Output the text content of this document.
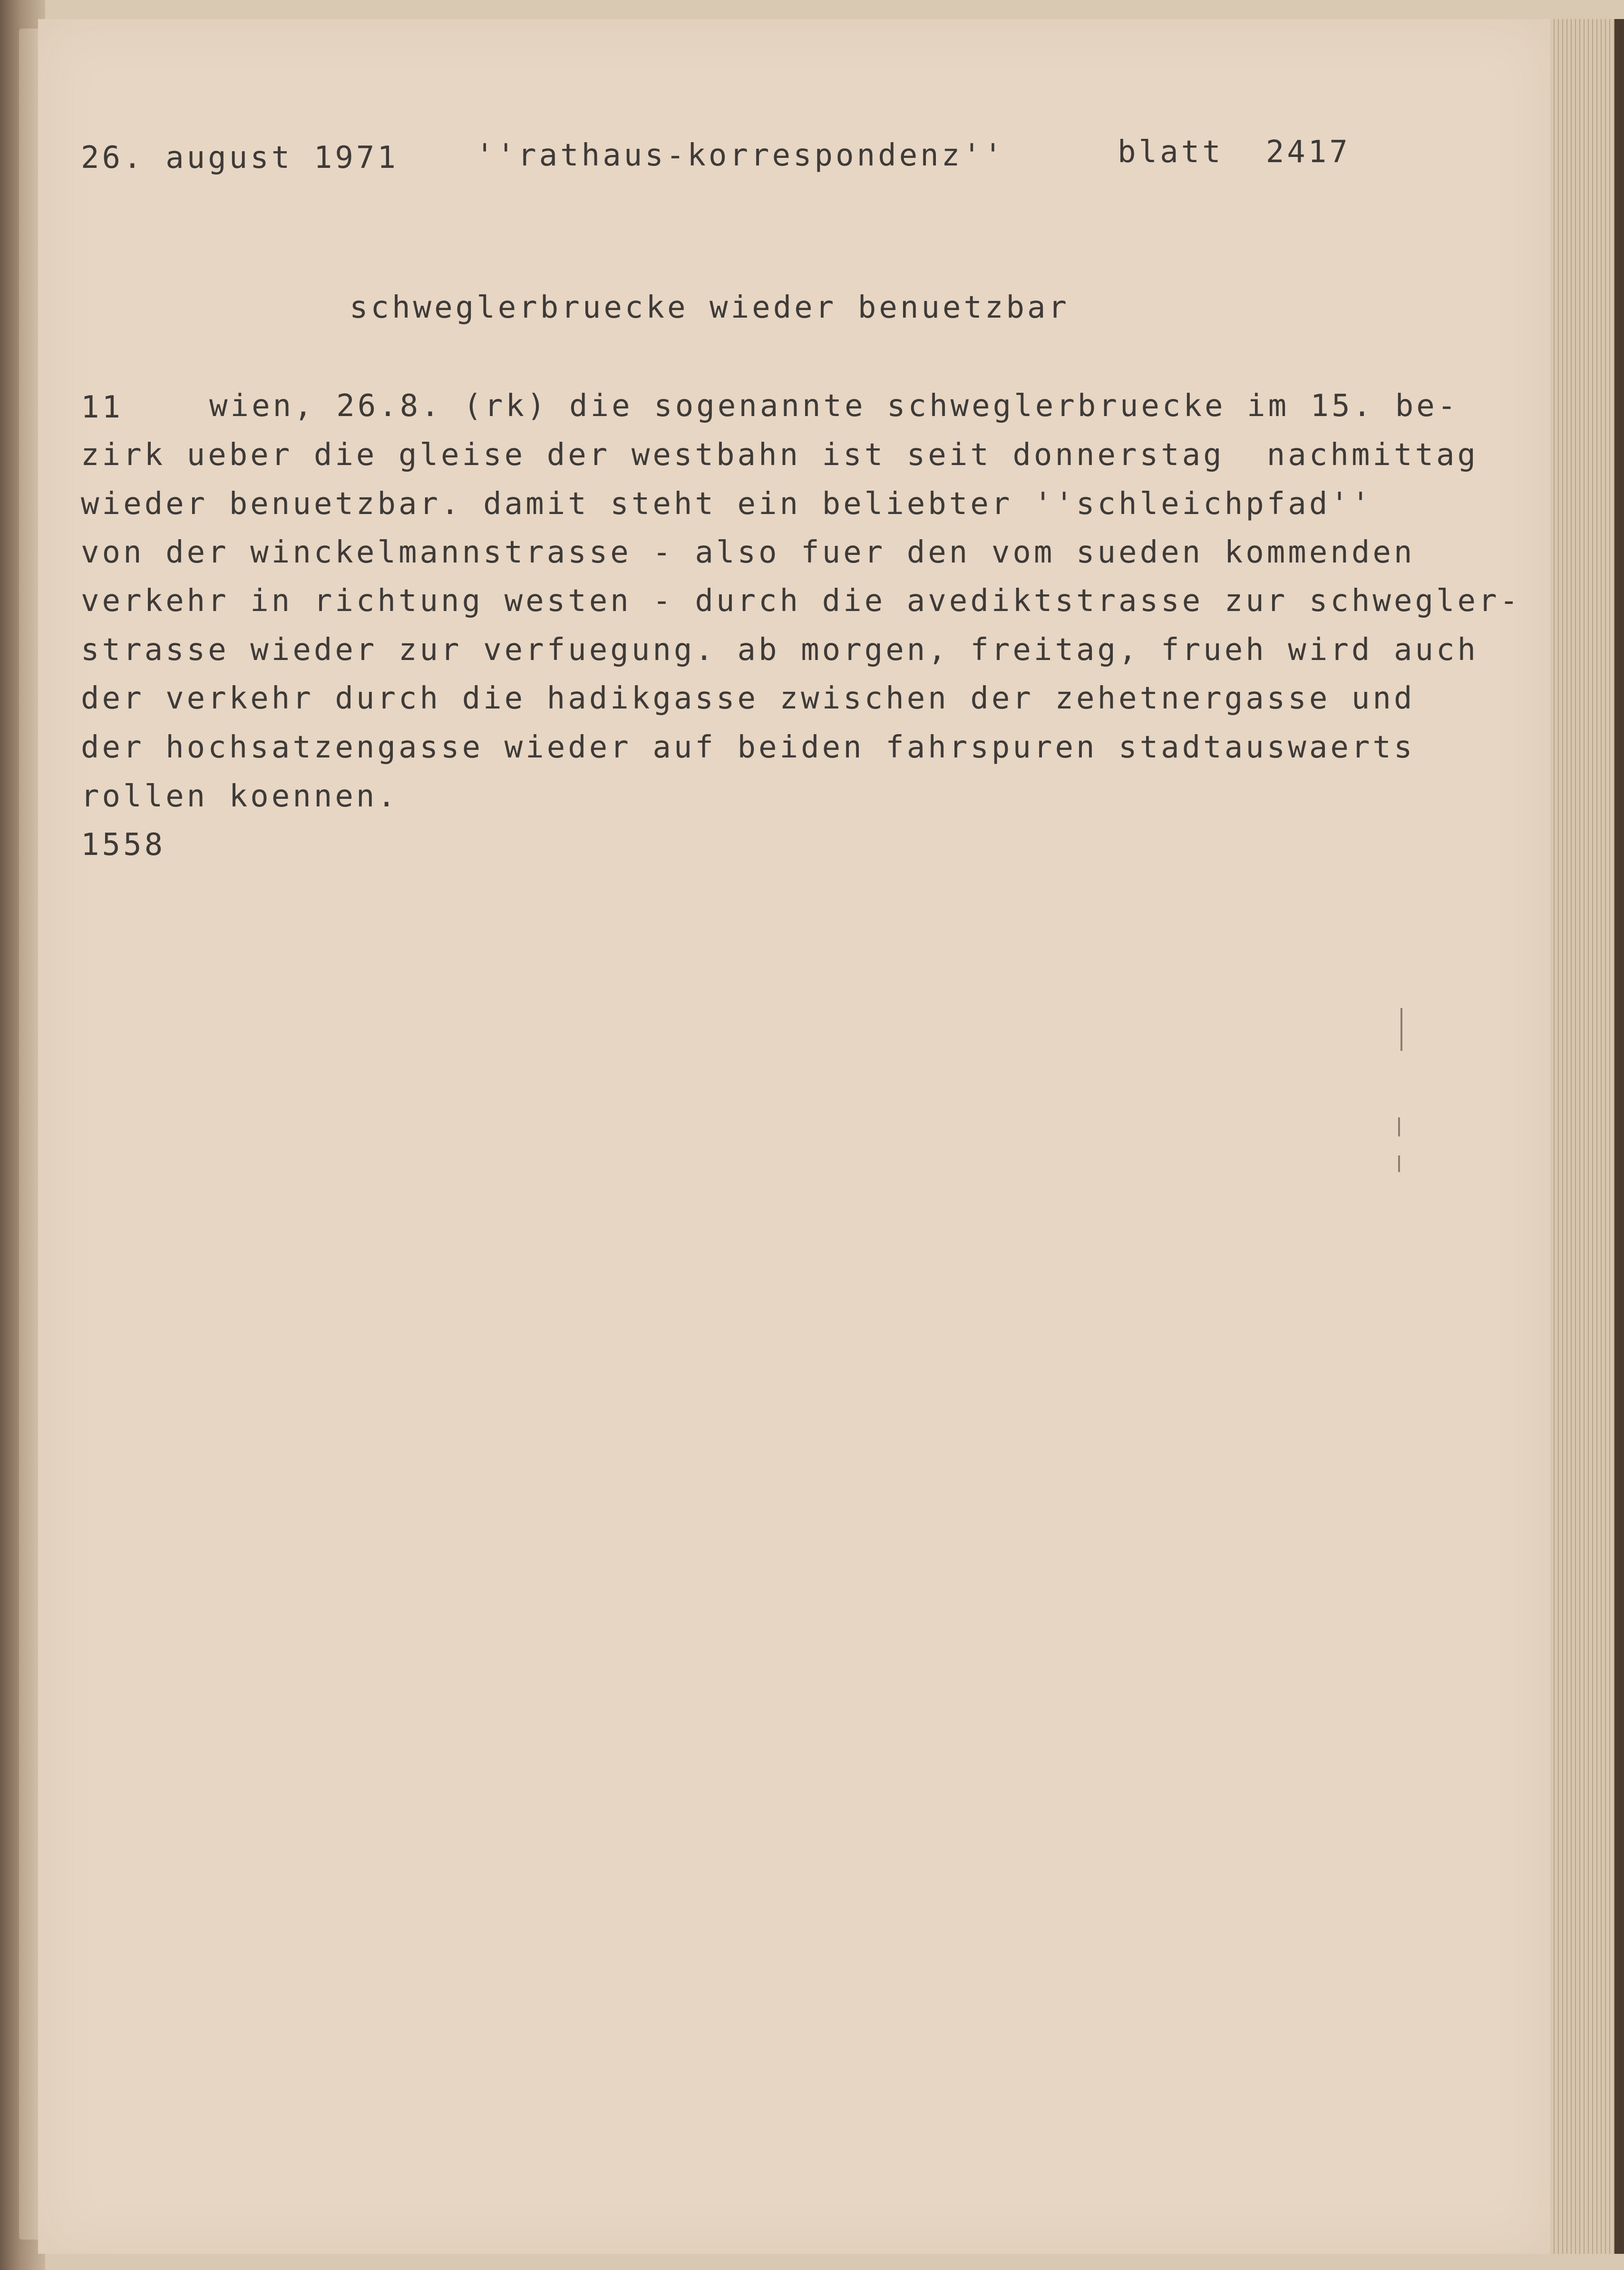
26. august 1971	''rathaus-korrespondenz''	blatt  2417
schweglerbruecke wieder benuetzbar
11	wien, 26.8. (rk) die sogenannte schweglerbruecke im 15. be-
zirk ueber die gleise der westbahn ist seit donnerstag  nachmittag
wieder benuetzbar. damit steht ein beliebter ''schleichpfad''
von der winckelmannstrasse - also fuer den vom sueden kommenden
verkehr in richtung westen - durch die avediktstrasse zur schwegler-
strasse wieder zur verfuegung. ab morgen, freitag, frueh wird auch
der verkehr durch die hadikgasse zwischen der zehetnergasse und
der hochsatzengasse wieder auf beiden fahrspuren stadtauswaerts
rollen koennen.
1558
